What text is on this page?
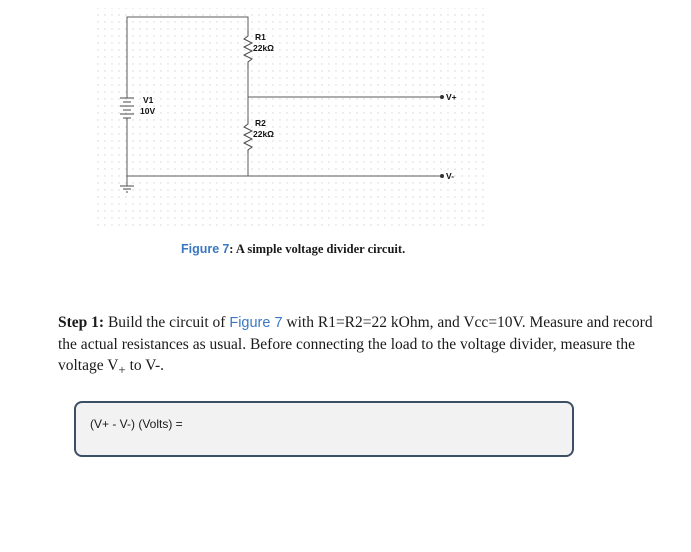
R1
22kΩ
R2
22kΩ
V1
10V
V+
V-
Figure 7: A simple voltage divider circuit.
Step 1: Build the circuit of Figure 7 with R1=R2=22 kOhm, and Vcc=10V. Measure and record the actual resistances as usual. Before connecting the load to the voltage divider, measure the voltage $V_+$ to V-.
(V+ - V-) (Volts) =
